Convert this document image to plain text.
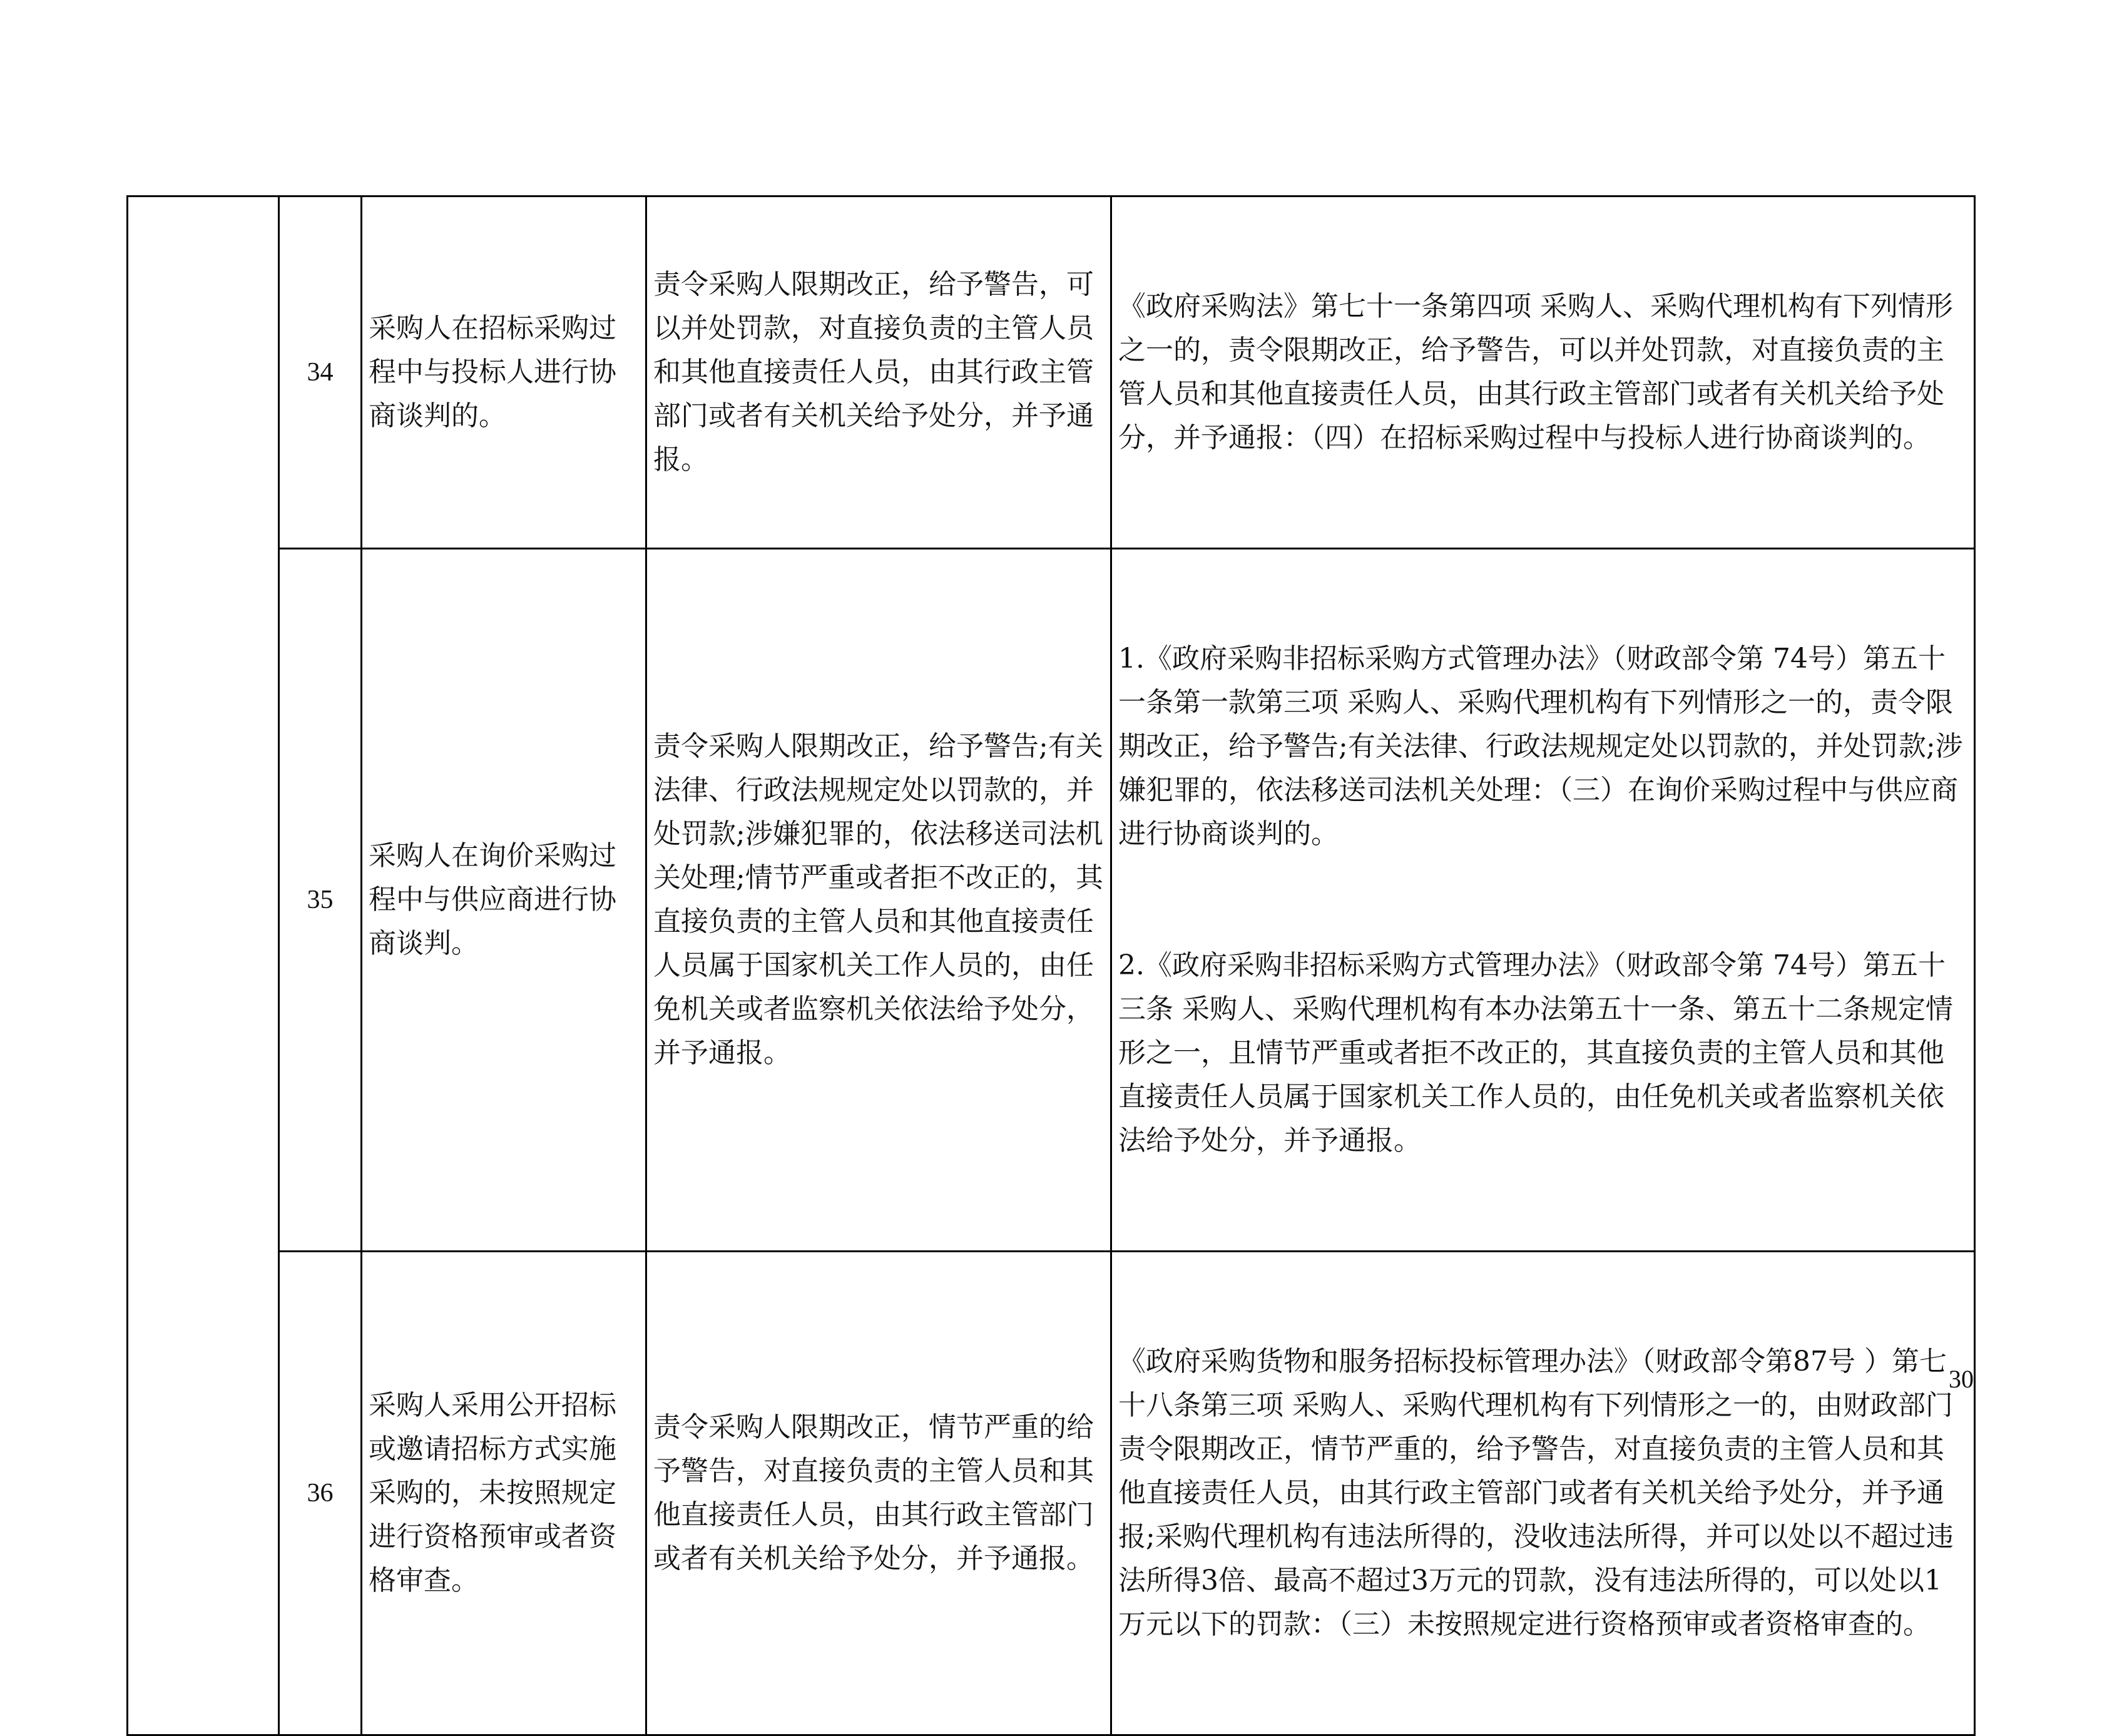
	34	采购人在招标采购过程中与投标人进行协商谈判的。	责令采购人限期改正，给予警告，可以并处罚款，对直接负责的主管人员和其他直接责任人员，由其行政主管部门或者有关机关给予处分，并予通报。	《政府采购法》第七十一条第四项 采购人、采购代理机构有下列情形之一的，责令限期改正，给予警告，可以并处罚款，对直接负责的主管人员和其他直接责任人员，由其行政主管部门或者有关机关给予处分，并予通报：（四）在招标采购过程中与投标人进行协商谈判的。

	35	采购人在询价采购过程中与供应商进行协商谈判。	责令采购人限期改正，给予警告;有关法律、行政法规规定处以罚款的，并处罚款;涉嫌犯罪的，依法移送司法机关处理;情节严重或者拒不改正的，其直接负责的主管人员和其他直接责任人员属于国家机关工作人员的，由任免机关或者监察机关依法给予处分，并予通报。	1.《政府采购非招标采购方式管理办法》（财政部令第 74号）第五十一条第一款第三项 采购人、采购代理机构有下列情形之一的，责令限期改正，给予警告;有关法律、行政法规规定处以罚款的，并处罚款;涉嫌犯罪的，依法移送司法机关处理：（三）在询价采购过程中与供应商进行协商谈判的。

2.《政府采购非招标采购方式管理办法》（财政部令第 74号）第五十三条 采购人、采购代理机构有本办法第五十一条、第五十二条规定情形之一，且情节严重或者拒不改正的，其直接负责的主管人员和其他直接责任人员属于国家机关工作人员的，由任免机关或者监察机关依法给予处分，并予通报。

	36	采购人采用公开招标或邀请招标方式实施采购的，未按照规定进行资格预审或者资格审查。	责令采购人限期改正，情节严重的给予警告，对直接负责的主管人员和其他直接责任人员，由其行政主管部门或者有关机关给予处分，并予通报。	《政府采购货物和服务招标投标管理办法》（财政部令第87号 ）第七十八条第三项 采购人、采购代理机构有下列情形之一的，由财政部门责令限期改正，情节严重的，给予警告，对直接负责的主管人员和其他直接责任人员，由其行政主管部门或者有关机关给予处分，并予通报;采购代理机构有违法所得的，没收违法所得，并可以处以不超过违法所得3倍、最高不超过3万元的罚款，没有违法所得的，可以处以1万元以下的罚款：（三）未按照规定进行资格预审或者资格审查的。

30
